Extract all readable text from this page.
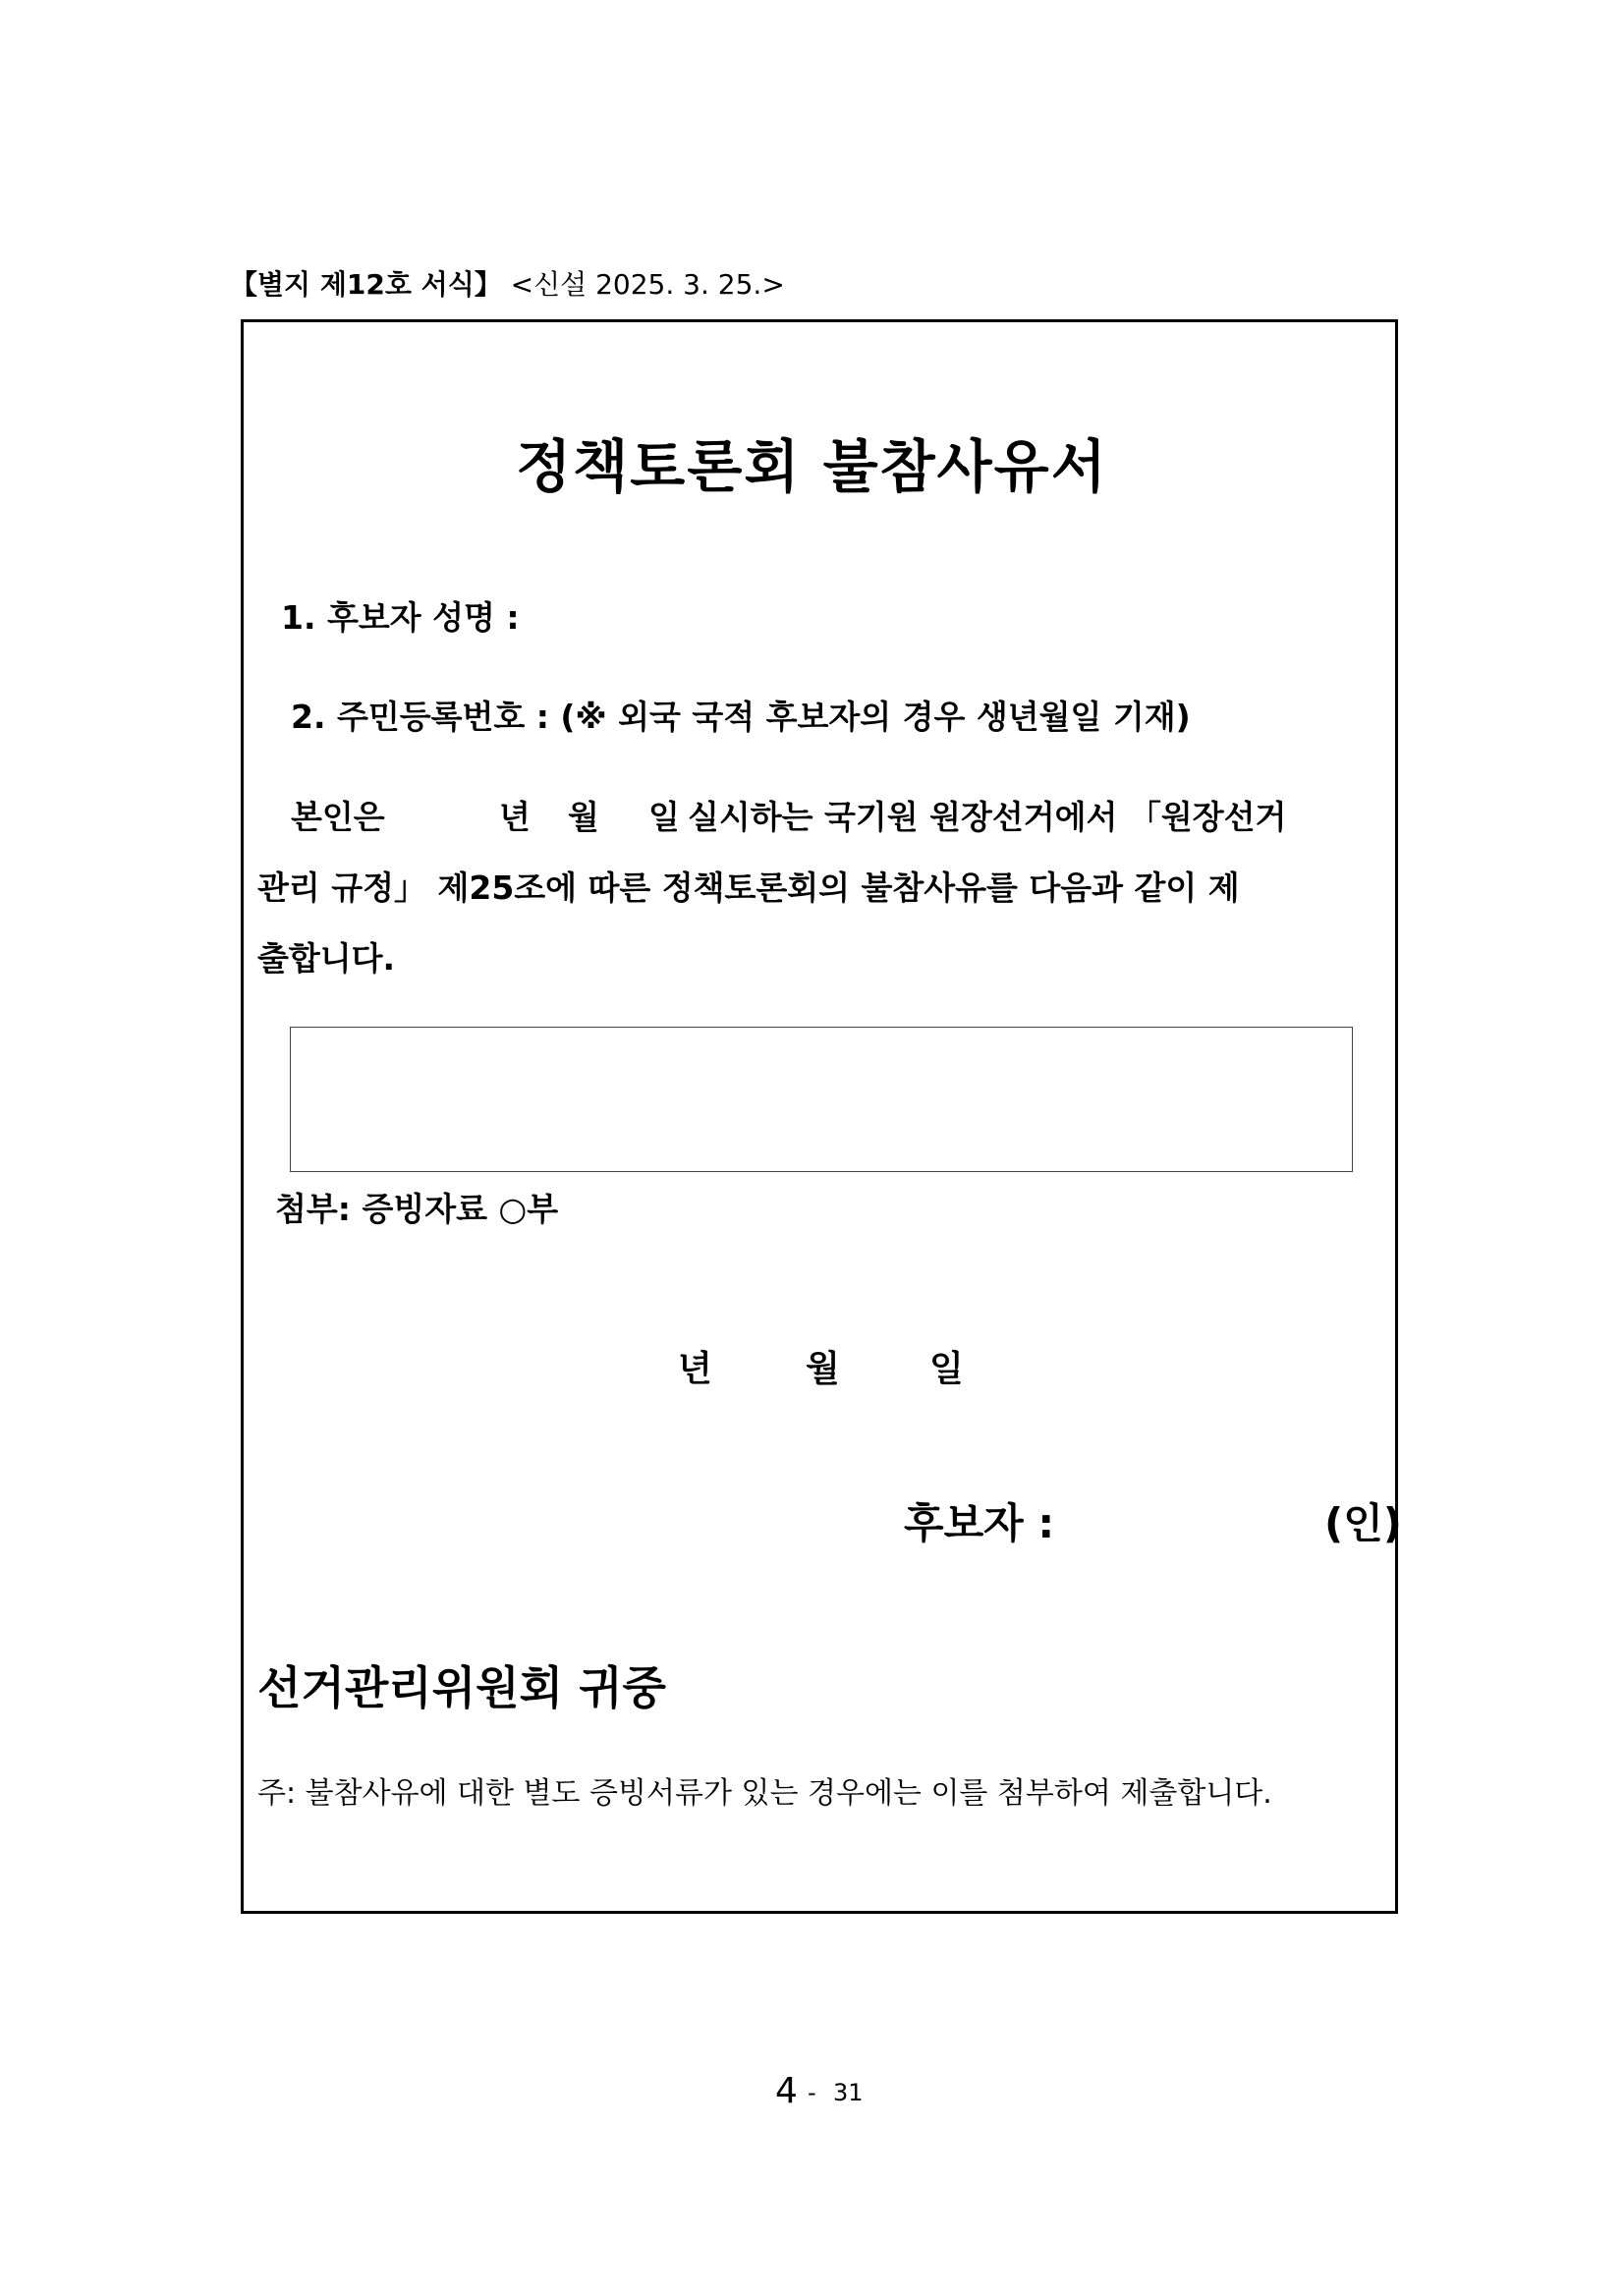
【별지 제12호 서식】 <신설 2025. 3. 25.>
정책토론회 불참사유서
1. 후보자 성명 :
2. 주민등록번호 : (※ 외국 국적 후보자의 경우 생년월일 기재)
본인은	년 월 일 실시하는 국기원 원장선거에서 「원장선거
관리 규정」 제25조에 따른 정책토론회의 불참사유를 다음과 같이 제
출합니다.
첨부: 증빙자료 ○부
년	월	일
후보자 :	(인)
선거관리위원회 귀중
주: 불참사유에 대한 별도 증빙서류가 있는 경우에는 이를 첨부하여 제출합니다.
4 - 31
